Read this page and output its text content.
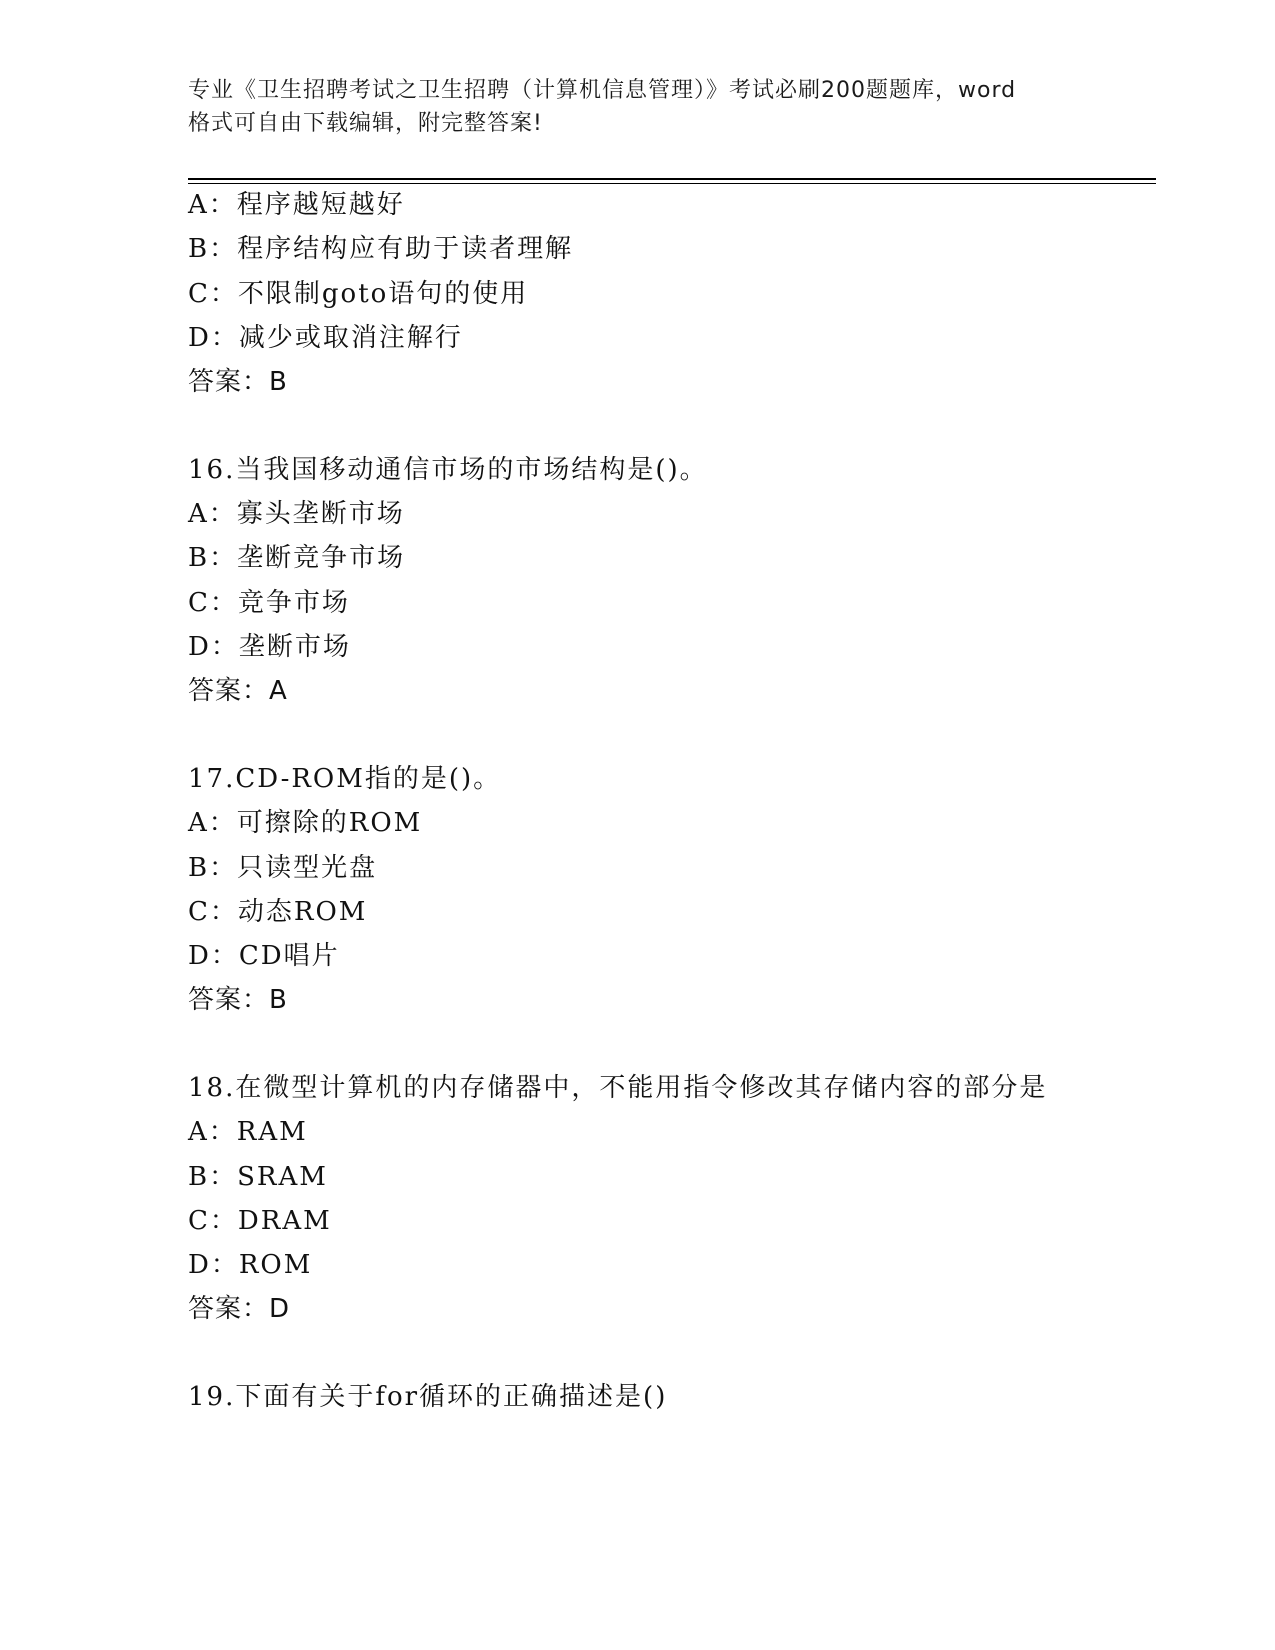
专业《卫生招聘考试之卫生招聘（计算机信息管理）》考试必刷200题题库，word
格式可自由下载编辑，附完整答案!
A：程序越短越好
B：程序结构应有助于读者理解
C：不限制goto语句的使用
D：减少或取消注解行
答案：B
16.当我国移动通信市场的市场结构是()。
A：寡头垄断市场
B：垄断竞争市场
C：竞争市场
D：垄断市场
答案：A
17.CD-ROM指的是()。
A：可擦除的ROM
B：只读型光盘
C：动态ROM
D：CD唱片
答案：B
18.在微型计算机的内存储器中，不能用指令修改其存储内容的部分是
A：RAM
B：SRAM
C：DRAM
D：ROM
答案：D
19.下面有关于for循环的正确描述是()
